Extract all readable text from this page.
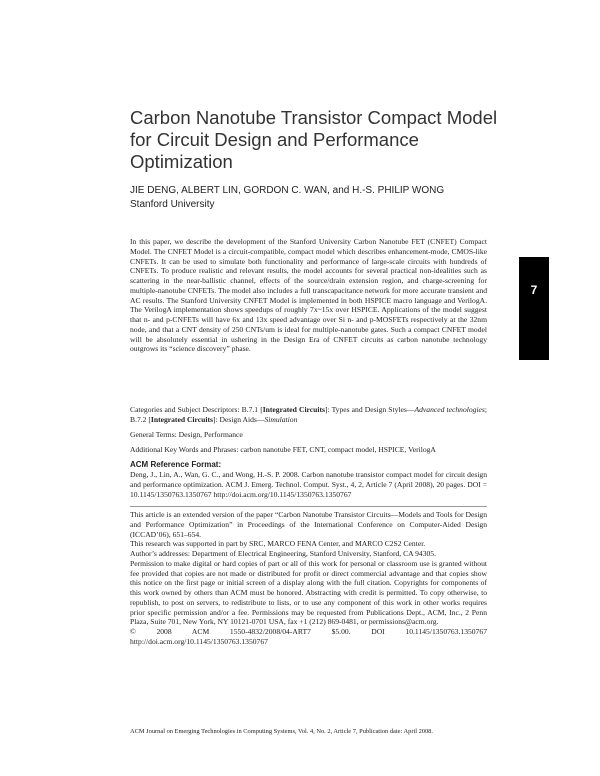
Carbon Nanotube Transistor Compact Model for Circuit Design and Performance Optimization
JIE DENG, ALBERT LIN, GORDON C. WAN, and H.-S. PHILIP WONG
Stanford University
7
In this paper, we describe the development of the Stanford University Carbon Nanotube FET (CNFET) Compact Model. The CNFET Model is a circuit-compatible, compact model which describes enhancement-mode, CMOS-like CNFETs. It can be used to simulate both functionality and performance of large-scale circuits with hundreds of CNFETs. To produce realistic and relevant results, the model accounts for several practical non-idealities such as scattering in the near-ballistic channel, effects of the source/drain extension region, and charge-screening for multiple-nanotube CNFETs. The model also includes a full transcapacitance network for more accurate transient and AC results. The Stanford University CNFET Model is implemented in both HSPICE macro language and VerilogA. The VerilogA implementation shows speedups of roughly 7x~15x over HSPICE. Applications of the model suggest that n- and p-CNFETs will have 6x and 13x speed advantage over Si n- and p-MOSFETs respectively at the 32nm node, and that a CNT density of 250 CNTs/um is ideal for multiple-nanotube gates. Such a compact CNFET model will be absolutely essential in ushering in the Design Era of CNFET circuits as carbon nanotube technology outgrows its “science discovery” phase.
Categories and Subject Descriptors: B.7.1 [Integrated Circuits]: Types and Design Styles—Advanced technologies; B.7.2 [Integrated Circuits]: Design Aids—Simulation
General Terms: Design, Performance
Additional Key Words and Phrases: carbon nanotube FET, CNT, compact model, HSPICE, VerilogA
ACM Reference Format:
Deng, J., Lin, A., Wan, G. C., and Wong, H.-S. P. 2008. Carbon nanotube transistor compact model for circuit design and performance optimization. ACM J. Emerg. Technol. Comput. Syst., 4, 2, Article 7 (April 2008), 20 pages. DOI = 10.1145/1350763.1350767 http://doi.acm.org/10.1145/1350763.1350767

This article is an extended version of the paper “Carbon Nanotube Transistor Circuits—Models and Tools for Design and Performance Optimization” in Proceedings of the International Conference on Computer-Aided Design (ICCAD’06), 651–654.

This research was supported in part by SRC, MARCO FENA Center, and MARCO C2S2 Center.

Author’s addresses: Department of Electrical Engineering, Stanford University, Stanford, CA 94305.

Permission to make digital or hard copies of part or all of this work for personal or classroom use is granted without fee provided that copies are not made or distributed for profit or direct commercial advantage and that copies show this notice on the first page or initial screen of a display along with the full citation. Copyrights for components of this work owned by others than ACM must be honored. Abstracting with credit is permitted. To copy otherwise, to republish, to post on servers, to redistribute to lists, or to use any component of this work in other works requires prior specific permission and/or a fee. Permissions may be requested from Publications Dept., ACM, Inc., 2 Penn Plaza, Suite 701, New York, NY 10121-0701 USA, fax +1 (212) 869-0481, or permissions@acm.org.

© 2008 ACM 1550-4832/2008/04-ART7 $5.00. DOI 10.1145/1350763.1350767 http://doi.acm.org/10.1145/1350763.1350767

ACM Journal on Emerging Technologies in Computing Systems, Vol. 4, No. 2, Article 7, Publication date: April 2008.
